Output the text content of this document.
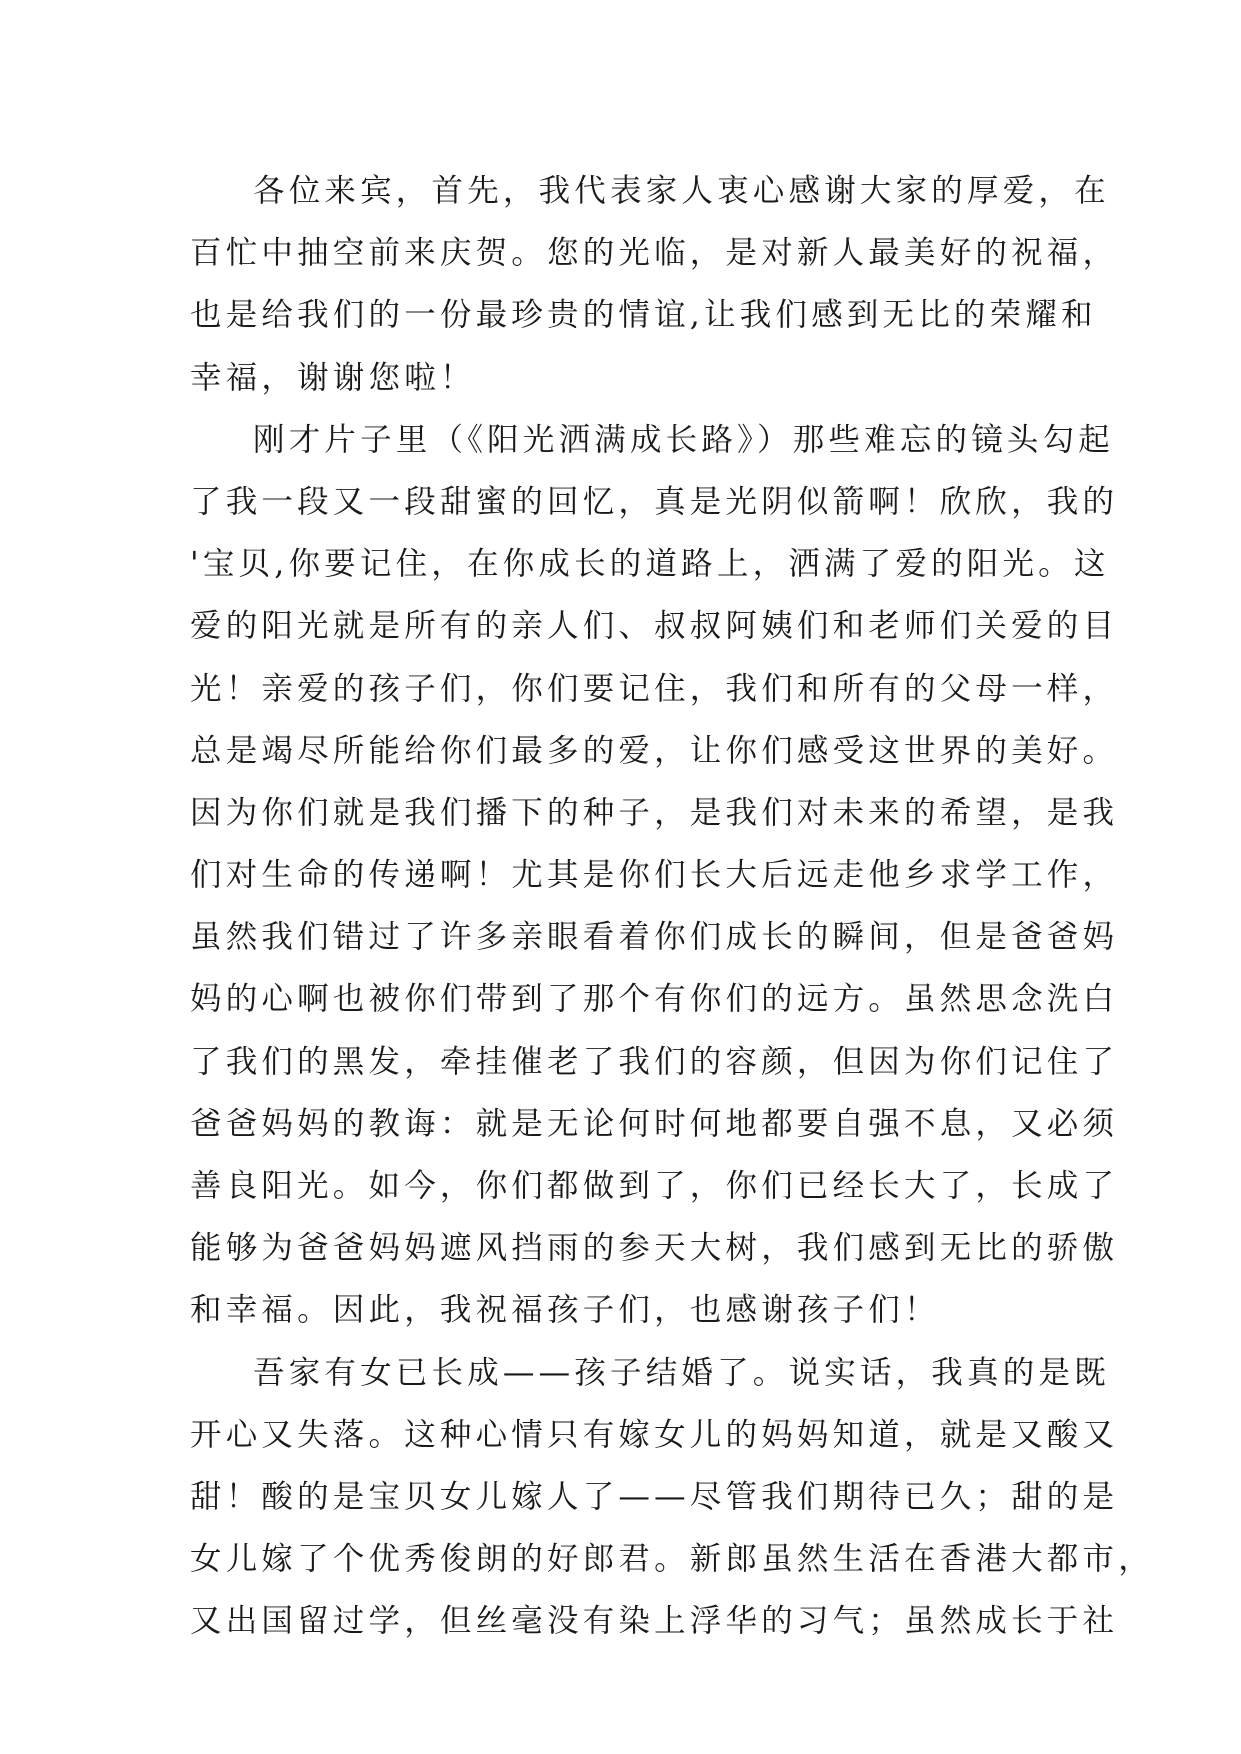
各位来宾，首先，我代表家人衷心感谢大家的厚爱，在
百忙中抽空前来庆贺。您的光临，是对新人最美好的祝福，
也是给我们的一份最珍贵的情谊,让我们感到无比的荣耀和
幸福，谢谢您啦！
刚才片子里（《阳光洒满成长路》）那些难忘的镜头勾起
了我一段又一段甜蜜的回忆，真是光阴似箭啊！欣欣，我的
'宝贝,你要记住，在你成长的道路上，洒满了爱的阳光。这
爱的阳光就是所有的亲人们、叔叔阿姨们和老师们关爱的目
光！亲爱的孩子们，你们要记住，我们和所有的父母一样，
总是竭尽所能给你们最多的爱，让你们感受这世界的美好。
因为你们就是我们播下的种子，是我们对未来的希望，是我
们对生命的传递啊！尤其是你们长大后远走他乡求学工作，
虽然我们错过了许多亲眼看着你们成长的瞬间，但是爸爸妈
妈的心啊也被你们带到了那个有你们的远方。虽然思念洗白
了我们的黑发，牵挂催老了我们的容颜，但因为你们记住了
爸爸妈妈的教诲：就是无论何时何地都要自强不息，又必须
善良阳光。如今，你们都做到了，你们已经长大了，长成了
能够为爸爸妈妈遮风挡雨的参天大树，我们感到无比的骄傲
和幸福。因此，我祝福孩子们，也感谢孩子们！
吾家有女已长成——孩子结婚了。说实话，我真的是既
开心又失落。这种心情只有嫁女儿的妈妈知道，就是又酸又
甜！酸的是宝贝女儿嫁人了——尽管我们期待已久；甜的是
女儿嫁了个优秀俊朗的好郎君。新郎虽然生活在香港大都市，
又出国留过学，但丝毫没有染上浮华的习气；虽然成长于社
